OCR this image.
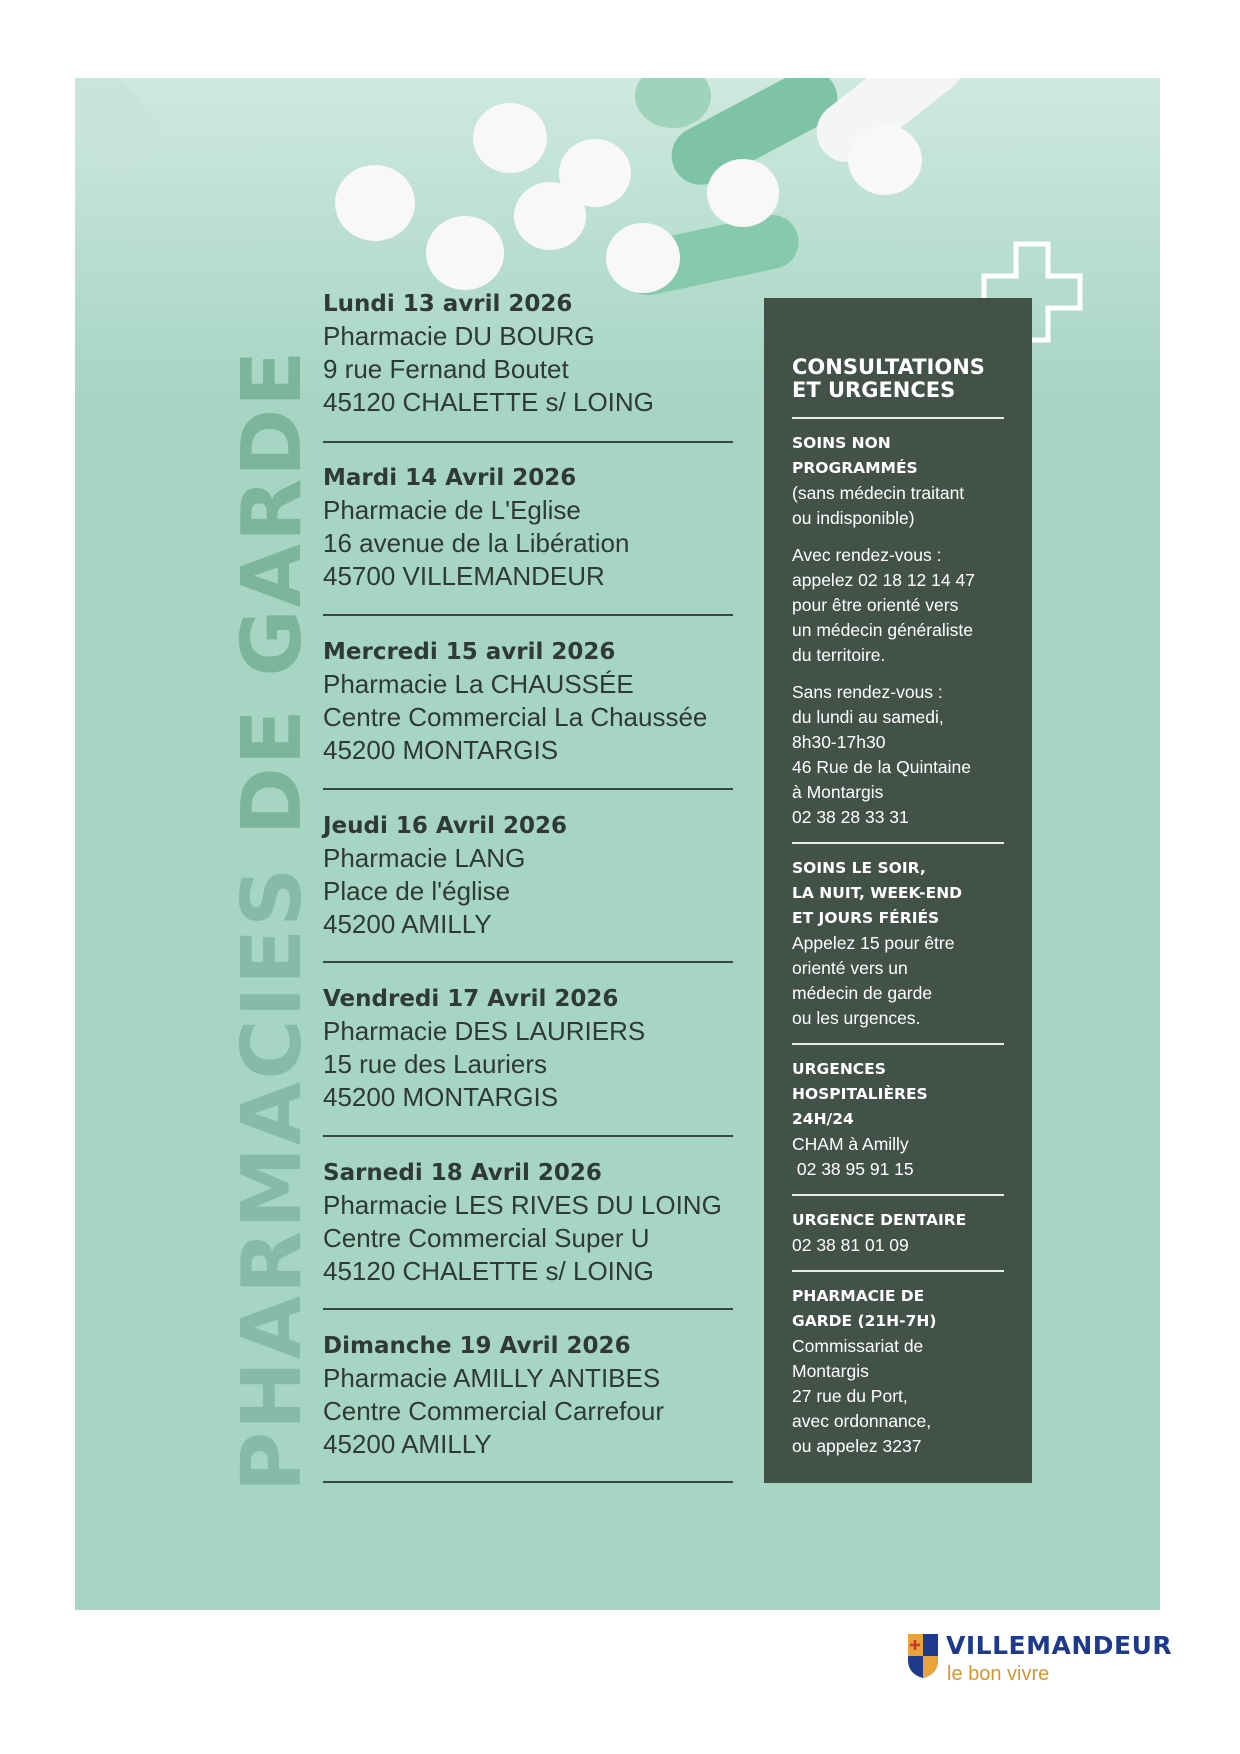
PHARMACIES DE GARDE
Lundi 13 avril 2026
Pharmacie DU BOURG
9 rue Fernand Boutet
45120 CHALETTE s/ LOING
Mardi 14 Avril 2026
Pharmacie de L'Eglise
16 avenue de la Libération
45700 VILLEMANDEUR
Mercredi 15 avril 2026
Pharmacie La CHAUSSÉE
Centre Commercial La Chaussée
45200 MONTARGIS
Jeudi 16 Avril 2026
Pharmacie LANG
Place de l'église
45200 AMILLY
Vendredi 17 Avril 2026
Pharmacie DES LAURIERS
15 rue des Lauriers
45200 MONTARGIS
Sarnedi 18 Avril 2026
Pharmacie LES RIVES DU LOING
Centre Commercial Super U
45120 CHALETTE s/ LOING
Dimanche 19 Avril 2026
Pharmacie AMILLY ANTIBES
Centre Commercial Carrefour
45200 AMILLY
CONSULTATIONS
ET URGENCES
SOINS NON
PROGRAMMÉS
(sans médecin traitant
ou indisponible)
Avec rendez-vous :
appelez 02 18 12 14 47
pour être orienté vers
un médecin généraliste
du territoire.
Sans rendez-vous :
du lundi au samedi,
8h30-17h30
46 Rue de la Quintaine
à Montargis
02 38 28 33 31
SOINS LE SOIR,
LA NUIT, WEEK-END
ET JOURS FÉRIÉS
Appelez 15 pour être
orienté vers un
médecin de garde
ou les urgences.
URGENCES
HOSPITALIÈRES
24H/24
CHAM à Amilly
02 38 95 91 15
URGENCE DENTAIRE
02 38 81 01 09
PHARMACIE DE
GARDE (21H-7H)
Commissariat de
Montargis
27 rue du Port,
avec ordonnance,
ou appelez 3237
VILLEMANDEUR
le bon vivre
